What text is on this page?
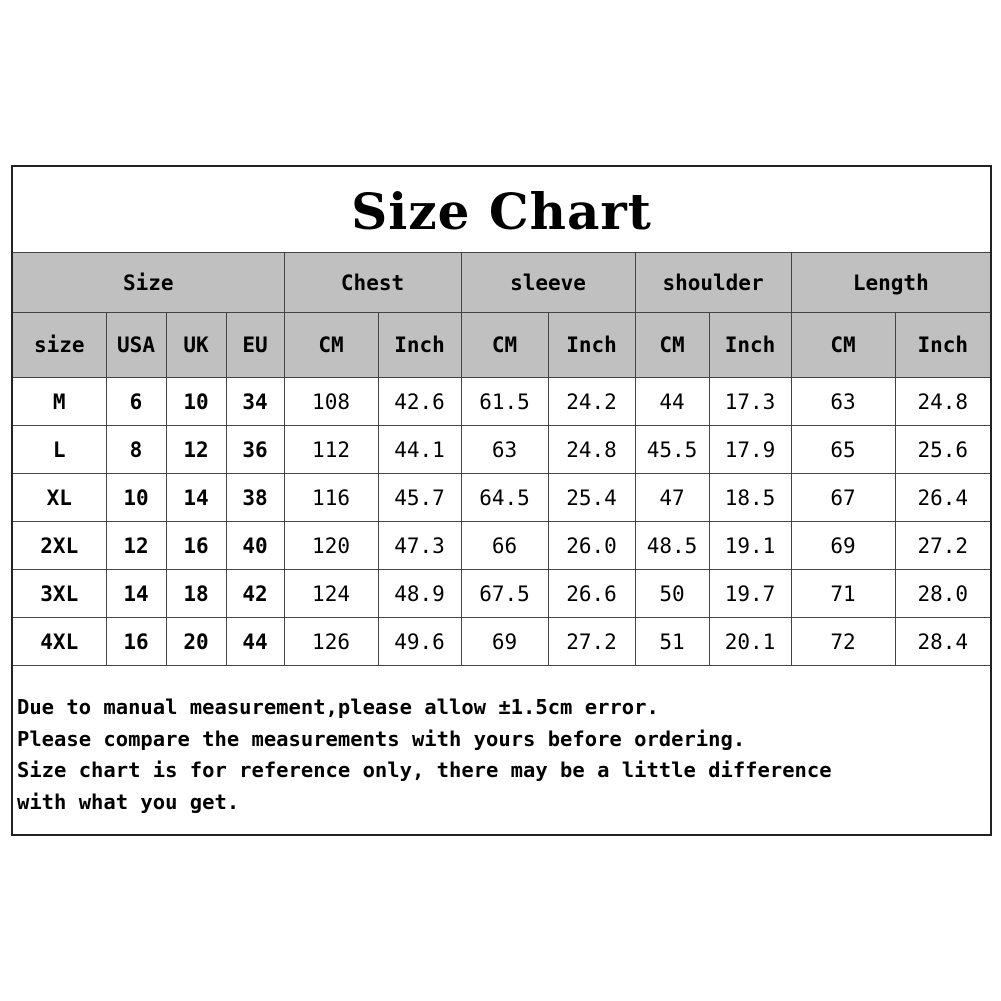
Size Chart
Size				Chest		sleeve		shoulder		Length	
size	USA	UK	EU	CM	Inch	CM	Inch	CM	Inch	CM	Inch
M	6	10	34	108	42.6	61.5	24.2	44	17.3	63	24.8
L	8	12	36	112	44.1	63	24.8	45.5	17.9	65	25.6
XL	10	14	38	116	45.7	64.5	25.4	47	18.5	67	26.4
2XL	12	16	40	120	47.3	66	26.0	48.5	19.1	69	27.2
3XL	14	18	42	124	48.9	67.5	26.6	50	19.7	71	28.0
4XL	16	20	44	126	49.6	69	27.2	51	20.1	72	28.4
Due to manual measurement,please allow ±1.5cm error.
Please compare the measurements with yours before ordering.
Size chart is for reference only, there may be a little difference
with what you get.
